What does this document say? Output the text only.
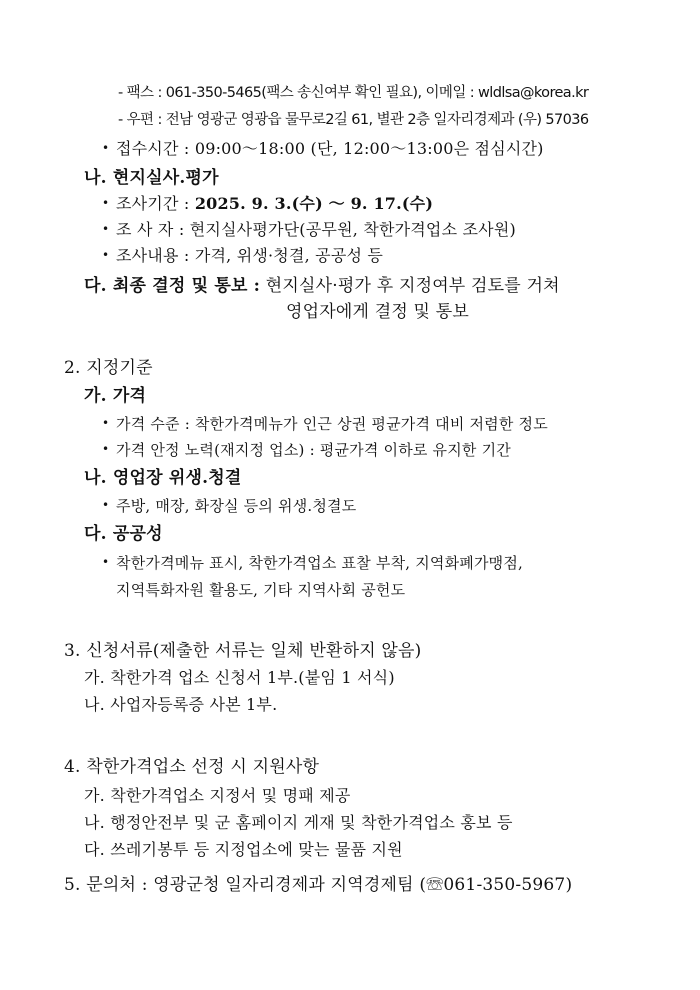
- 팩스 : 061-350-5465(팩스 송신여부 확인 필요), 이메일 : wldlsa@korea.kr
- 우편 : 전남 영광군 영광읍 물무로2길 61, 별관 2층 일자리경제과 (우) 57036
• 접수시간 : 09:00～18:00 (단, 12:00～13:00은 점심시간)
나. 현지실사.평가
• 조사기간 : 2025. 9. 3.(수) ～ 9. 17.(수)
• 조 사 자 : 현지실사평가단(공무원, 착한가격업소 조사원)
• 조사내용 : 가격, 위생·청결, 공공성 등
다. 최종 결정 및 통보 : 현지실사·평가 후 지정여부 검토를 거쳐
영업자에게 결정 및 통보
2. 지정기준
가. 가격
• 가격 수준 : 착한가격메뉴가 인근 상권 평균가격 대비 저렴한 정도
• 가격 안정 노력(재지정 업소) : 평균가격 이하로 유지한 기간
나. 영업장 위생.청결
• 주방, 매장, 화장실 등의 위생.청결도
다. 공공성
• 착한가격메뉴 표시, 착한가격업소 표찰 부착, 지역화폐가맹점,
지역특화자원 활용도, 기타 지역사회 공헌도
3. 신청서류(제출한 서류는 일체 반환하지 않음)
가. 착한가격 업소 신청서 1부.(붙임 1 서식)
나. 사업자등록증 사본 1부.
4. 착한가격업소 선정 시 지원사항
가. 착한가격업소 지정서 및 명패 제공
나. 행정안전부 및 군 홈페이지 게재 및 착한가격업소 홍보 등
다. 쓰레기봉투 등 지정업소에 맞는 물품 지원
5. 문의처 : 영광군청 일자리경제과 지역경제팀 (☏061-350-5967)
